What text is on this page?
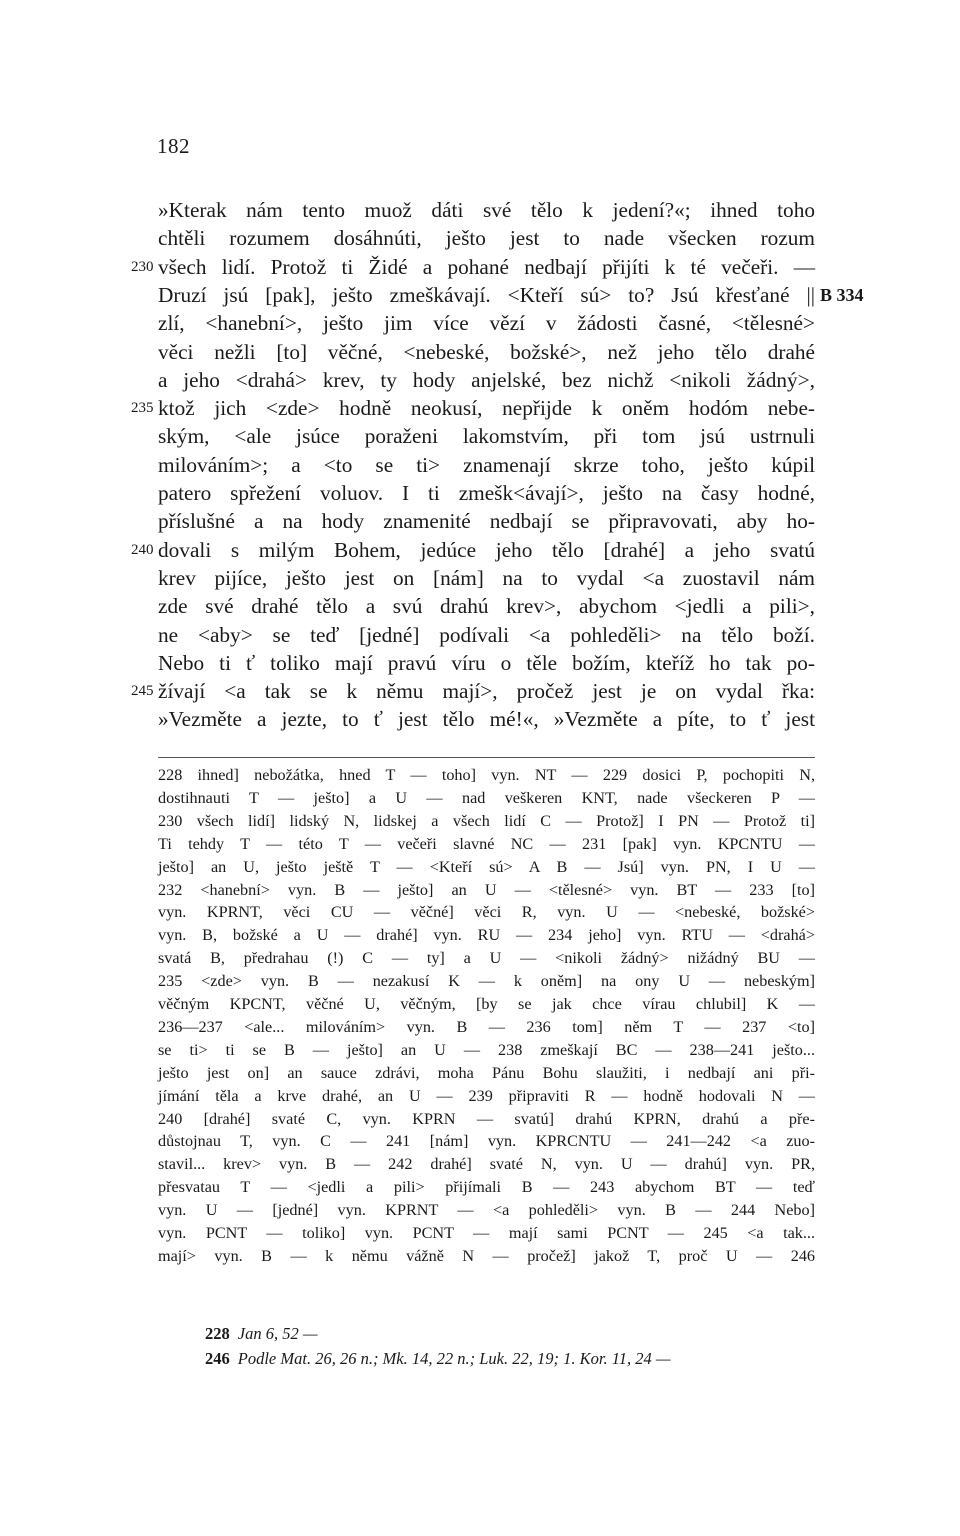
182
»Kterak nám tento muož dáti své tělo k jedení?«; ihned toho
chtěli rozumem dosáhnúti, ješto jest to nade všecken rozum
230 všech lidí. Protož ti Židé a pohané nedbají přijíti k té večeři. —
Druzí jsú [pak], ješto zmeškávají. <Kteří sú> to? Jsú křesťané || B 334
zlí, <hanební>, ješto jim více vězí v žádosti časné, <tělesné>
věci nežli [to] věčné, <nebeské, božské>, než jeho tělo drahé
a jeho <drahá> krev, ty hody anjelské, bez nichž <nikoli žádný>,
235 ktož jich <zde> hodně neokusí, nepřijde k oněm hodóm nebe-
ským, <ale jsúce poraženi lakomstvím, při tom jsú ustrnuli
milováním>; a <to se ti> znamenají skrze toho, ješto kúpil
patero spřežení voluov. I ti zmešk<ávají>, ješto na časy hodné,
příslušné a na hody znamenité nedbají se připravovati, aby ho-
240 dovali s milým Bohem, jedúce jeho tělo [drahé] a jeho svatú
krev pijíce, ješto jest on [nám] na to vydal <a zuostavil nám
zde své drahé tělo a svú drahú krev>, abychom <jedli a pili>,
ne <aby> se teď [jedné] podívali <a pohleděli> na tělo boží.
Nebo ti ť toliko mají pravú víru o těle božím, kteříž ho tak po-
245 žívají <a tak se k němu mají>, pročež jest je on vydal řka:
»Vezměte a jezte, to ť jest tělo mé!«, »Vezměte a píte, to ť jest
228 ihned] nebožátka, hned T — toho] vyn. NT — 229 dosici P, pochopiti N,
dostihnauti T — ješto] a U — nad veškeren KNT, nade všeckeren P —
230 všech lidí] lidský N, lidskej a všech lidí C — Protož] I PN — Protož ti]
Ti tehdy T — této T — večeři slavné NC — 231 [pak] vyn. KPCNTU —
ješto] an U, ješto ještě T — <Kteří sú> A B — Jsú] vyn. PN, I U —
232 <hanební> vyn. B — ješto] an U — <tělesné> vyn. BT — 233 [to]
vyn. KPRNT, věci CU — věčné] věci R, vyn. U — <nebeské, božské>
vyn. B, božské a U — drahé] vyn. RU — 234 jeho] vyn. RTU — <drahá>
svatá B, předrahau (!) C — ty] a U — <nikoli žádný> nižádný BU —
235 <zde> vyn. B — nezakusí K — k oněm] na ony U — nebeským]
věčným KPCNT, věčné U, věčným, [by se jak chce vírau chlubil] K —
236—237 <ale... milováním> vyn. B — 236 tom] něm T — 237 <to]
se ti> ti se B — ješto] an U — 238 zmeškají BC — 238—241 ješto...
ješto jest on] an sauce zdrávi, moha Pánu Bohu slaužiti, i nedbají ani při-
jímání těla a krve drahé, an U — 239 připraviti R — hodně hodovali N —
240 [drahé] svaté C, vyn. KPRN — svatú] drahú KPRN, drahú a pře-
důstojnau T, vyn. C — 241 [nám] vyn. KPRCNTU — 241—242 <a zuo-
stavil... krev> vyn. B — 242 drahé] svaté N, vyn. U — drahú] vyn. PR,
přesvatau T — <jedli a pili> přijímali B — 243 abychom BT — teď
vyn. U — [jedné] vyn. KPRNT — <a pohleděli> vyn. B — 244 Nebo]
vyn. PCNT — toliko] vyn. PCNT — mají sami PCNT — 245 <a tak...
mají> vyn. B — k němu vážně N — pročež] jakož T, proč U — 246
228 Jan 6, 52 —
246 Podle Mat. 26, 26 n.; Mk. 14, 22 n.; Luk. 22, 19; 1. Kor. 11, 24 —
